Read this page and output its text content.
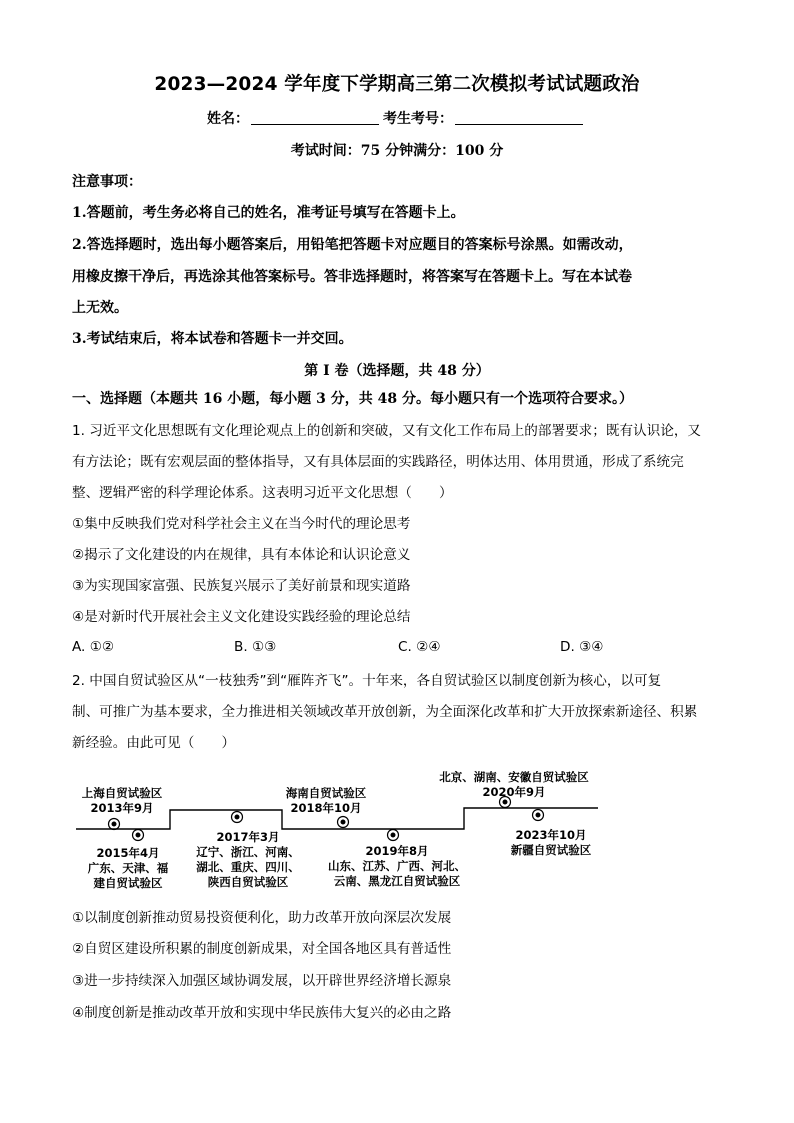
2023—2024 学年度下学期高三第二次模拟考试试题政治
姓名：	考生考号：
考试时间：75 分钟满分：100 分
注意事项：
1.答题前，考生务必将自己的姓名，准考证号填写在答题卡上。
2.答选择题时，选出每小题答案后，用铅笔把答题卡对应题目的答案标号涂黑。如需改动，
用橡皮擦干净后，再选涂其他答案标号。答非选择题时，将答案写在答题卡上。写在本试卷
上无效。
3.考试结束后，将本试卷和答题卡一并交回。
第 I 卷（选择题，共 48 分）
一、选择题（本题共 16 小题，每小题 3 分，共 48 分。每小题只有一个选项符合要求。）
1. 习近平文化思想既有文化理论观点上的创新和突破，又有文化工作布局上的部署要求；既有认识论，又
有方法论；既有宏观层面的整体指导，又有具体层面的实践路径，明体达用、体用贯通，形成了系统完
整、逻辑严密的科学理论体系。这表明习近平文化思想（　　）
①集中反映我们党对科学社会主义在当今时代的理论思考
②揭示了文化建设的内在规律，具有本体论和认识论意义
③为实现国家富强、民族复兴展示了美好前景和现实道路
④是对新时代开展社会主义文化建设实践经验的理论总结
A. ①②	B. ①③	C. ②④	D. ③④
2. 中国自贸试验区从“一枝独秀”到“雁阵齐飞”。十年来，各自贸试验区以制度创新为核心，以可复
制、可推广为基本要求，全力推进相关领域改革开放创新，为全面深化改革和扩大开放探索新途径、积累
新经验。由此可见（　　）
上海自贸试验区
2013年9月
海南自贸试验区
2018年10月
北京、湖南、安徽自贸试验区
2020年9月
2015年4月
广东、天津、福
建自贸试验区
2017年3月
辽宁、浙江、河南、
湖北、重庆、四川、
陕西自贸试验区
2019年8月
山东、江苏、广西、河北、
云南、黑龙江自贸试验区
2023年10月
新疆自贸试验区
①以制度创新推动贸易投资便利化，助力改革开放向深层次发展
②自贸区建设所积累的制度创新成果，对全国各地区具有普适性
③进一步持续深入加强区域协调发展，以开辟世界经济增长源泉
④制度创新是推动改革开放和实现中华民族伟大复兴的必由之路
